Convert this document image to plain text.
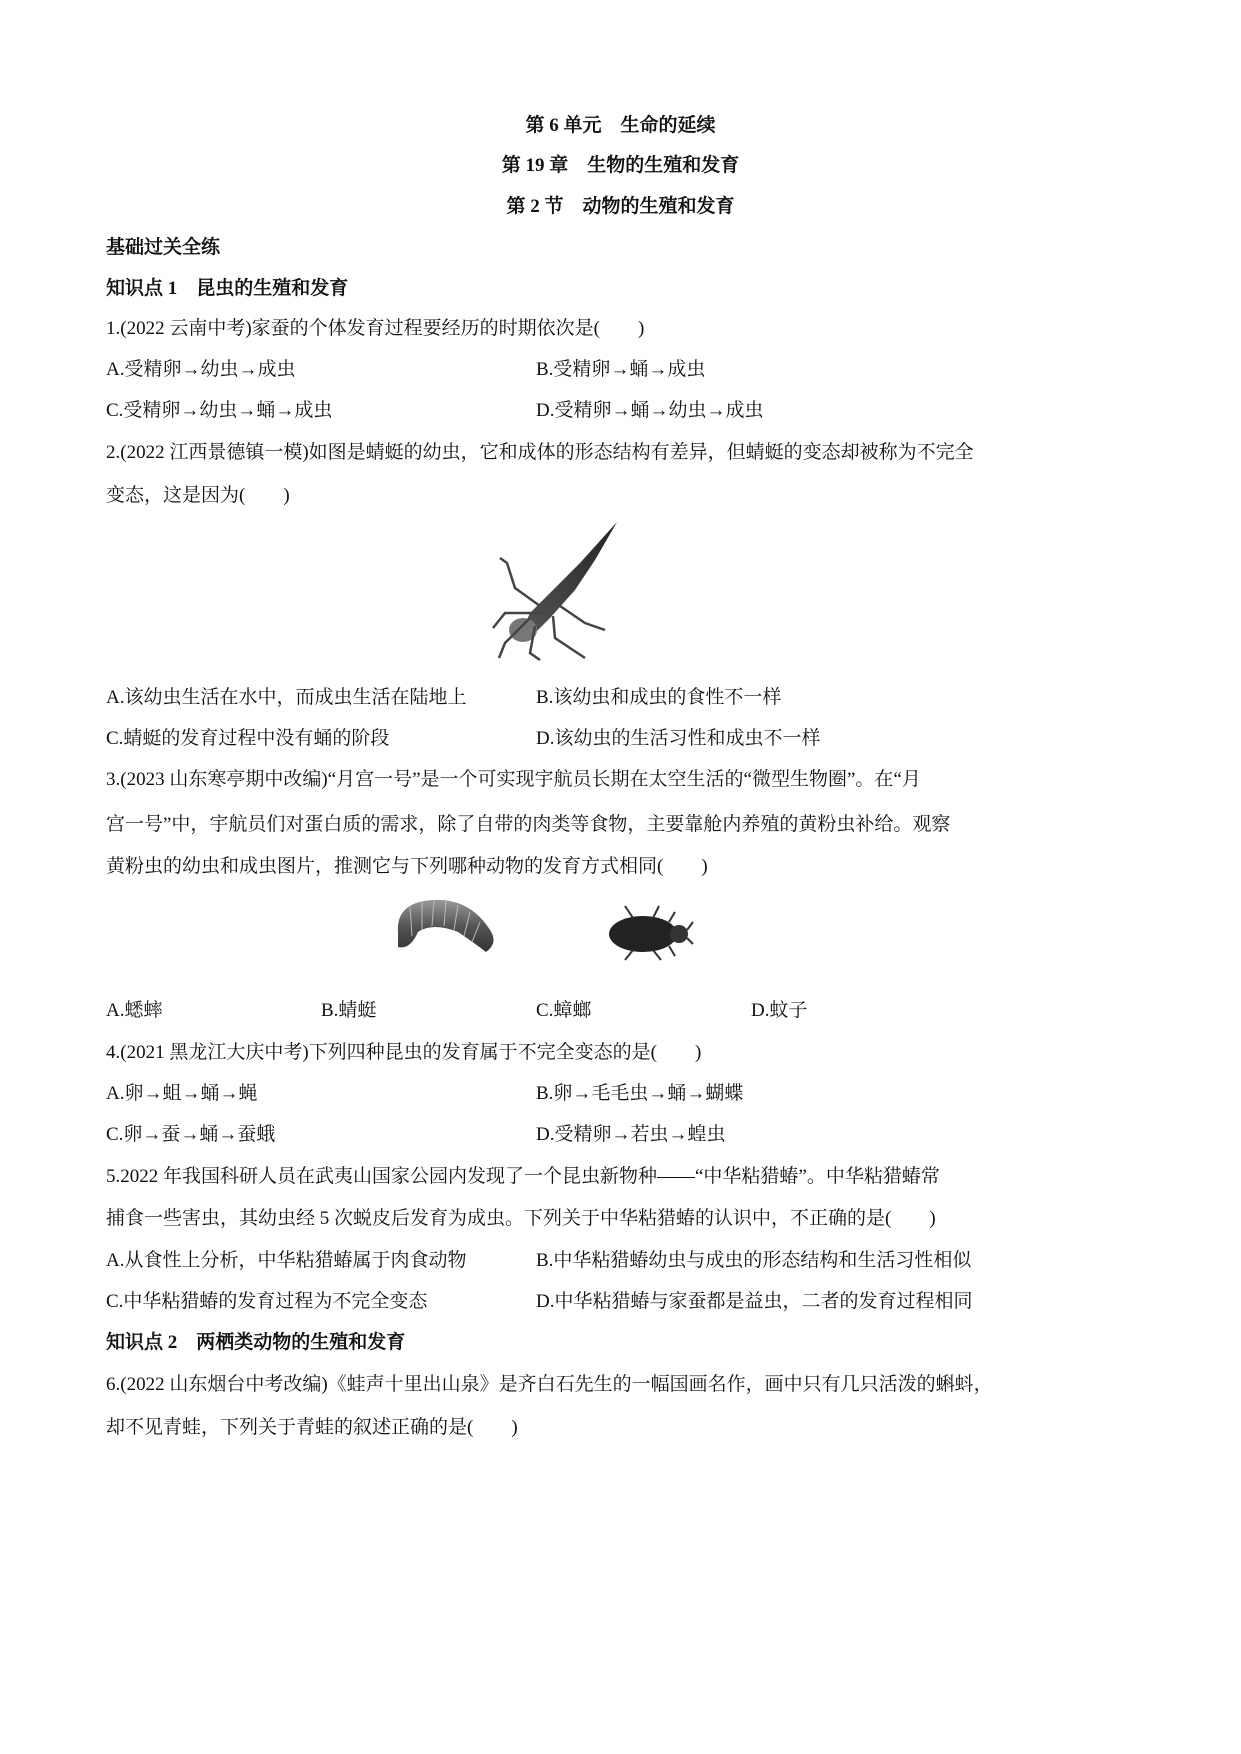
第 6 单元　生命的延续
第 19 章　生物的生殖和发育
第 2 节　动物的生殖和发育
基础过关全练
知识点 1　昆虫的生殖和发育
1.(2022 云南中考)家蚕的个体发育过程要经历的时期依次是(　　)
A.受精卵→幼虫→成虫	B.受精卵→蛹→成虫
C.受精卵→幼虫→蛹→成虫	D.受精卵→蛹→幼虫→成虫
2.(2022 江西景德镇一模)如图是蜻蜓的幼虫，它和成体的形态结构有差异，但蜻蜓的变态却被称为不完全
变态，这是因为(　　)
A.该幼虫生活在水中，而成虫生活在陆地上	B.该幼虫和成虫的食性不一样
C.蜻蜓的发育过程中没有蛹的阶段	D.该幼虫的生活习性和成虫不一样
3.(2023 山东寒亭期中改编)“月宫一号”是一个可实现宇航员长期在太空生活的“微型生物圈”。在“月
宫一号”中，宇航员们对蛋白质的需求，除了自带的肉类等食物，主要靠舱内养殖的黄粉虫补给。观察
黄粉虫的幼虫和成虫图片，推测它与下列哪种动物的发育方式相同(　　)
A.蟋蟀	B.蜻蜓	C.蟑螂	D.蚊子
4.(2021 黑龙江大庆中考)下列四种昆虫的发育属于不完全变态的是(　　)
A.卵→蛆→蛹→蝇	B.卵→毛毛虫→蛹→蝴蝶
C.卵→蚕→蛹→蚕蛾	D.受精卵→若虫→蝗虫
5.2022 年我国科研人员在武夷山国家公园内发现了一个昆虫新物种——“中华粘猎蝽”。中华粘猎蝽常
捕食一些害虫，其幼虫经 5 次蜕皮后发育为成虫。下列关于中华粘猎蝽的认识中，不正确的是(　　)
A.从食性上分析，中华粘猎蝽属于肉食动物	B.中华粘猎蝽幼虫与成虫的形态结构和生活习性相似
C.中华粘猎蝽的发育过程为不完全变态	D.中华粘猎蝽与家蚕都是益虫，二者的发育过程相同
知识点 2　两栖类动物的生殖和发育
6.(2022 山东烟台中考改编)《蛙声十里出山泉》是齐白石先生的一幅国画名作，画中只有几只活泼的蝌蚪，
却不见青蛙，下列关于青蛙的叙述正确的是(　　)
